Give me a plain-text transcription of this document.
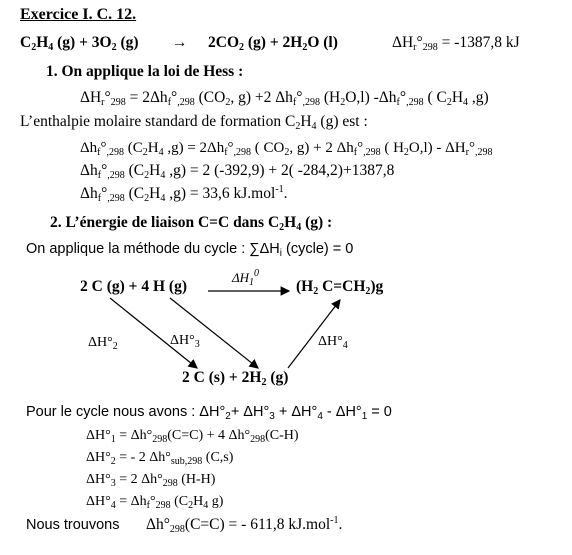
Exercice I. C. 12.
$C_2H_4$ $(g) + 3O_2$ $(g) \to 2CO_2$ $(g) + 2H_2O$ (l)	$\Delta H_r^\circ_{298} = -1387,8$ kJ
1. On applique la loi de Hess :
$\Delta H_r^\circ_{298} = 2\Delta h_f^\circ_{,298}$ ($CO_2$, g) +2 $\Delta h_f^\circ_{,298}$ $(H_2O,l)$ $-\Delta h_f^\circ_{,298}$ ( $C_2H_4$ ,g)
L’enthalpie molaire standard de formation $C_2H_4$ (g) est :
$\Delta h_f^\circ_{,298}$ ($C_2H_4$ $,g) = 2\Delta h_f^\circ_{,298}$ ( $CO_2$, g) + 2 $\Delta h_f^\circ_{,298}$ ( $H_2O,l) - \Delta H_r^\circ_{,298}$
$\Delta h_f^\circ_{,298}$ ($C_2H_4$ ,g) = 2 (-392,9) + 2( -284,2)+1387,8
$\Delta h_f^\circ_{,298}$ ($C_2H_4$ ,g) = 33,6 kJ.mol$^{-1}$.
2. L’énergie de liaison C=C dans $C_2H_4$ (g) :
On applique la méthode du cycle : $\sum\Delta H_i$ (cycle) = 0
2 C (g) + 4 H (g)
$\Delta H_1^0$
($H_2$ $C=CH_2)g$
$\Delta H^\circ_2$	$\Delta H^\circ_3$	$\Delta H^\circ_4$
2 C $(s) + 2H_2$ (g)
Pour le cycle nous avons : $\Delta H^\circ_2+ \Delta H^\circ_3 + \Delta H^\circ_4 - \Delta H^\circ_1 = 0$
$\Delta H^\circ_1 = \Delta h^\circ_{298}(C=C) + 4$ $\Delta h^\circ_{298}(C-H)$
$\Delta H^\circ_2$ = - 2 $\Delta h^\circ_{sub,298}$ (C,s)
$\Delta H^\circ_3 = 2$ $\Delta h^\circ_{298}$ (H-H)
$\Delta H^\circ_4 = \Delta h_f^\circ_{298}$ ($C_2H_4$ g)
Nous trouvons $\Delta h^\circ_{298}(C=C)$ = - 611,8 kJ.mol$^{-1}$.
